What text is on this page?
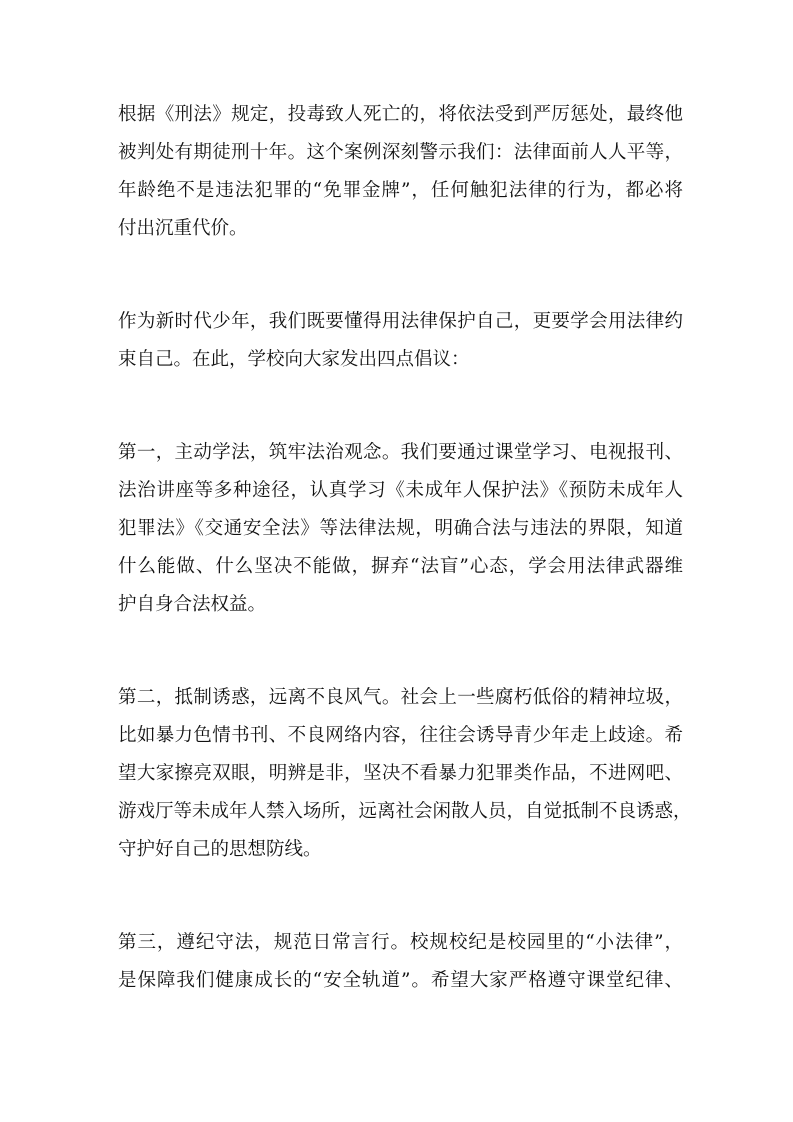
根据《刑法》规定，投毒致人死亡的，将依法受到严厉惩处，最终他
被判处有期徒刑十年。这个案例深刻警示我们：法律面前人人平等，
年龄绝不是违法犯罪的“免罪金牌”，任何触犯法律的行为，都必将
付出沉重代价。
作为新时代少年，我们既要懂得用法律保护自己，更要学会用法律约
束自己。在此，学校向大家发出四点倡议：
第一，主动学法，筑牢法治观念。我们要通过课堂学习、电视报刊、
法治讲座等多种途径，认真学习《未成年人保护法》《预防未成年人
犯罪法》《交通安全法》等法律法规，明确合法与违法的界限，知道
什么能做、什么坚决不能做，摒弃“法盲”心态，学会用法律武器维
护自身合法权益。
第二，抵制诱惑，远离不良风气。社会上一些腐朽低俗的精神垃圾，
比如暴力色情书刊、不良网络内容，往往会诱导青少年走上歧途。希
望大家擦亮双眼，明辨是非，坚决不看暴力犯罪类作品，不进网吧、
游戏厅等未成年人禁入场所，远离社会闲散人员，自觉抵制不良诱惑，
守护好自己的思想防线。
第三，遵纪守法，规范日常言行。校规校纪是校园里的“小法律”，
是保障我们健康成长的“安全轨道”。希望大家严格遵守课堂纪律、
